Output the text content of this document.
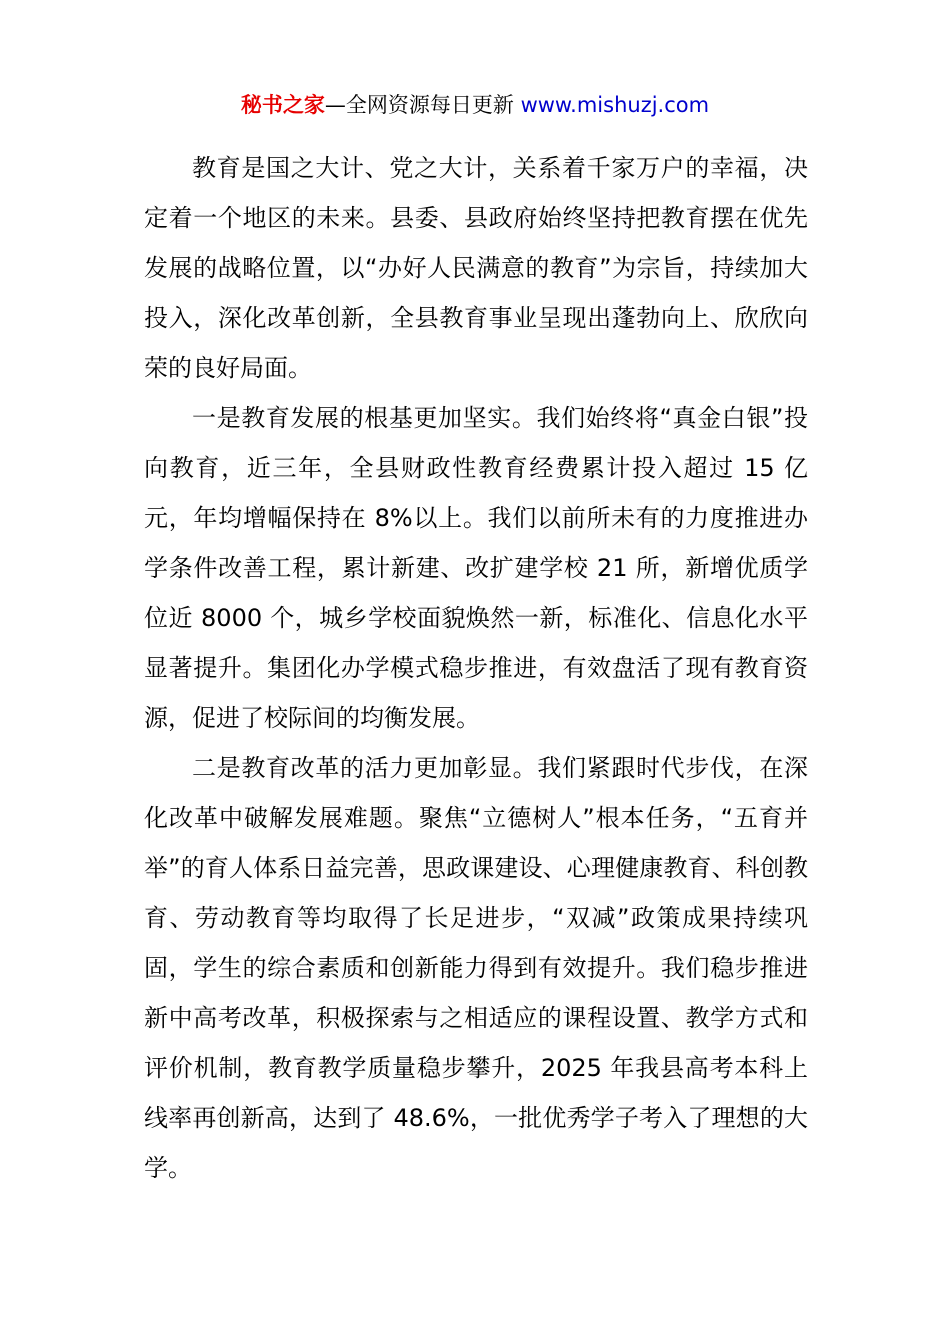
秘书之家—全网资源每日更新 www.mishuzj.com

教育是国之大计、党之大计，关系着千家万户的幸福，决定着一个地区的未来。县委、县政府始终坚持把教育摆在优先发展的战略位置，以“办好人民满意的教育”为宗旨，持续加大投入，深化改革创新，全县教育事业呈现出蓬勃向上、欣欣向荣的良好局面。

一是教育发展的根基更加坚实。我们始终将“真金白银”投向教育，近三年，全县财政性教育经费累计投入超过 15 亿元，年均增幅保持在 8%以上。我们以前所未有的力度推进办学条件改善工程，累计新建、改扩建学校 21 所，新增优质学位近 8000 个，城乡学校面貌焕然一新，标准化、信息化水平显著提升。集团化办学模式稳步推进，有效盘活了现有教育资源，促进了校际间的均衡发展。

二是教育改革的活力更加彰显。我们紧跟时代步伐，在深化改革中破解发展难题。聚焦“立德树人”根本任务，“五育并举”的育人体系日益完善，思政课建设、心理健康教育、科创教育、劳动教育等均取得了长足进步，“双减”政策成果持续巩固，学生的综合素质和创新能力得到有效提升。我们稳步推进新中高考改革，积极探索与之相适应的课程设置、教学方式和评价机制，教育教学质量稳步攀升，2025 年我县高考本科上线率再创新高，达到了 48.6%，一批优秀学子考入了理想的大学。
